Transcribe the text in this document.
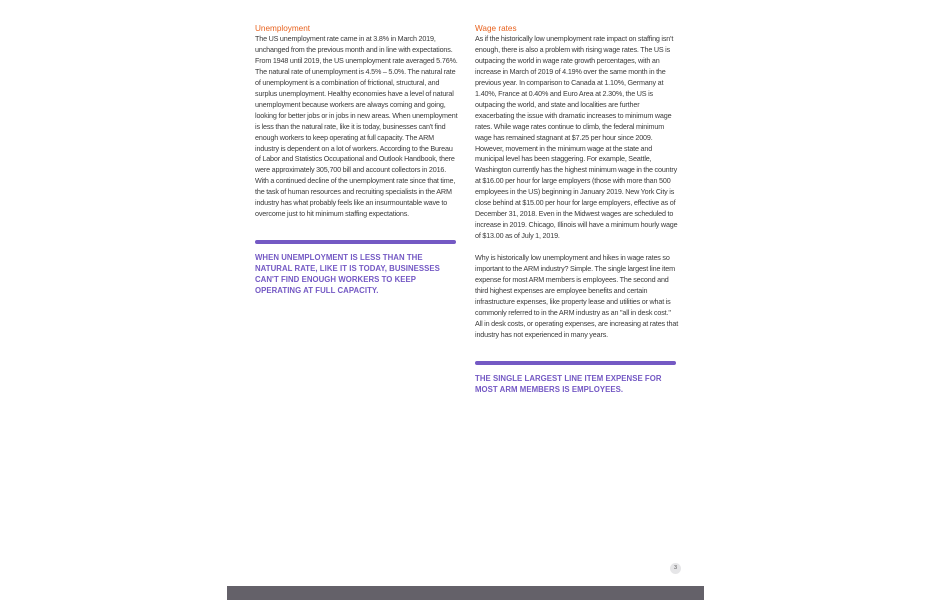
Unemployment

The US unemployment rate came in at 3.8% in March 2019, unchanged from the previous month and in line with expectations. From 1948 until 2019, the US unemployment rate averaged 5.76%. The natural rate of unemployment is 4.5% – 5.0%. The natural rate of unemployment is a combination of frictional, structural, and surplus unemployment. Healthy economies have a level of natural unemployment because workers are always coming and going, looking for better jobs or in jobs in new areas. When unemployment is less than the natural rate, like it is today, businesses can't find enough workers to keep operating at full capacity. The ARM industry is dependent on a lot of workers. According to the Bureau of Labor and Statistics Occupational and Outlook Handbook, there were approximately 305,700 bill and account collectors in 2016. With a continued decline of the unemployment rate since that time, the task of human resources and recruiting specialists in the ARM industry has what probably feels like an insurmountable wave to overcome just to hit minimum staffing expectations.

WHEN UNEMPLOYMENT IS LESS THAN THE NATURAL RATE, LIKE IT IS TODAY, BUSINESSES CAN'T FIND ENOUGH WORKERS TO KEEP OPERATING AT FULL CAPACITY.

Wage rates

As if the historically low unemployment rate impact on staffing isn't enough, there is also a problem with rising wage rates. The US is outpacing the world in wage rate growth percentages, with an increase in March of 2019 of 4.19% over the same month in the previous year. In comparison to Canada at 1.10%, Germany at 1.40%, France at 0.40% and Euro Area at 2.30%, the US is outpacing the world, and state and localities are further exacerbating the issue with dramatic increases to minimum wage rates. While wage rates continue to climb, the federal minimum wage has remained stagnant at $7.25 per hour since 2009. However, movement in the minimum wage at the state and municipal level has been staggering. For example, Seattle, Washington currently has the highest minimum wage in the country at $16.00 per hour for large employers (those with more than 500 employees in the US) beginning in January 2019. New York City is close behind at $15.00 per hour for large employers, effective as of December 31, 2018. Even in the Midwest wages are scheduled to increase in 2019. Chicago, Illinois will have a minimum hourly wage of $13.00 as of July 1, 2019.

Why is historically low unemployment and hikes in wage rates so important to the ARM industry? Simple. The single largest line item expense for most ARM members is employees. The second and third highest expenses are employee benefits and certain infrastructure expenses, like property lease and utilities or what is commonly referred to in the ARM industry as an "all in desk cost." All in desk costs, or operating expenses, are increasing at rates that industry has not experienced in many years.

THE SINGLE LARGEST LINE ITEM EXPENSE FOR MOST ARM MEMBERS IS EMPLOYEES.

3
